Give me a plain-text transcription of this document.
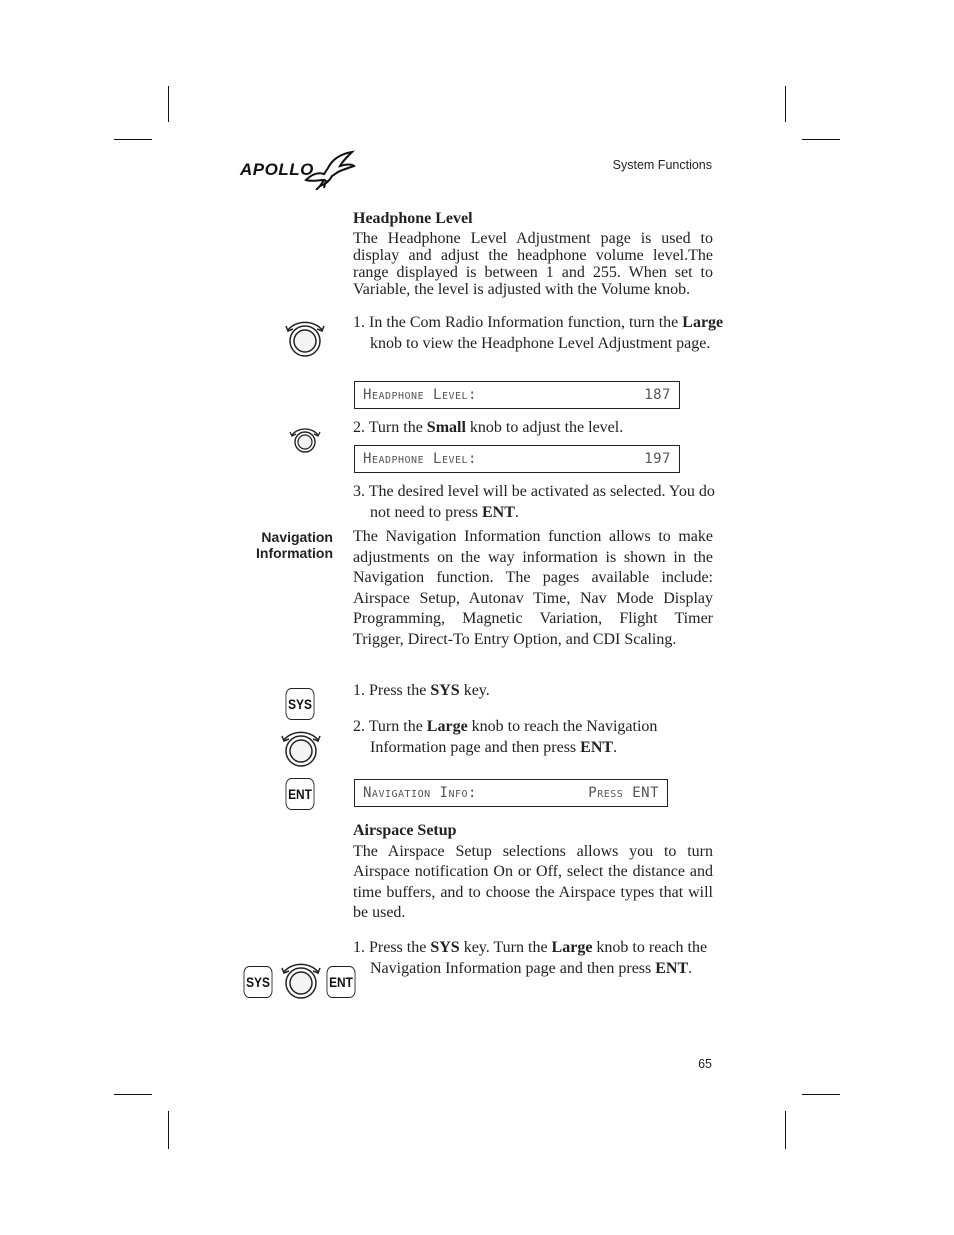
APOLLO	System Functions

Headphone Level

The Headphone Level Adjustment page is used to display and adjust the headphone volume level.The range displayed is between 1 and 255. When set to Variable, the level is adjusted with the Volume knob.

1. In the Com Radio Information function, turn the Large knob to view the Headphone Level Adjustment page.
Headphone Level:	187
2. Turn the Small knob to adjust the level.
Headphone Level:	197
3. The desired level will be activated as selected. You do not need to press ENT.
Navigation
Information
The Navigation Information function allows to make adjustments on the way information is shown in the Navigation function. The pages available include: Airspace Setup, Autonav Time, Nav Mode Display Programming, Magnetic Variation, Flight Timer Trigger, Direct-To Entry Option, and CDI Scaling.
SYS
1. Press the SYS key.
2. Turn the Large knob to reach the Navigation Information page and then press ENT.
ENT	Navigation Info:	Press ENT

Airspace Setup

The Airspace Setup selections allows you to turn Airspace notification On or Off, select the distance and time buffers, and to choose the Airspace types that will be used.

1. Press the SYS key. Turn the Large knob to reach the Navigation Information page and then press ENT.
SYS	ENT
65
